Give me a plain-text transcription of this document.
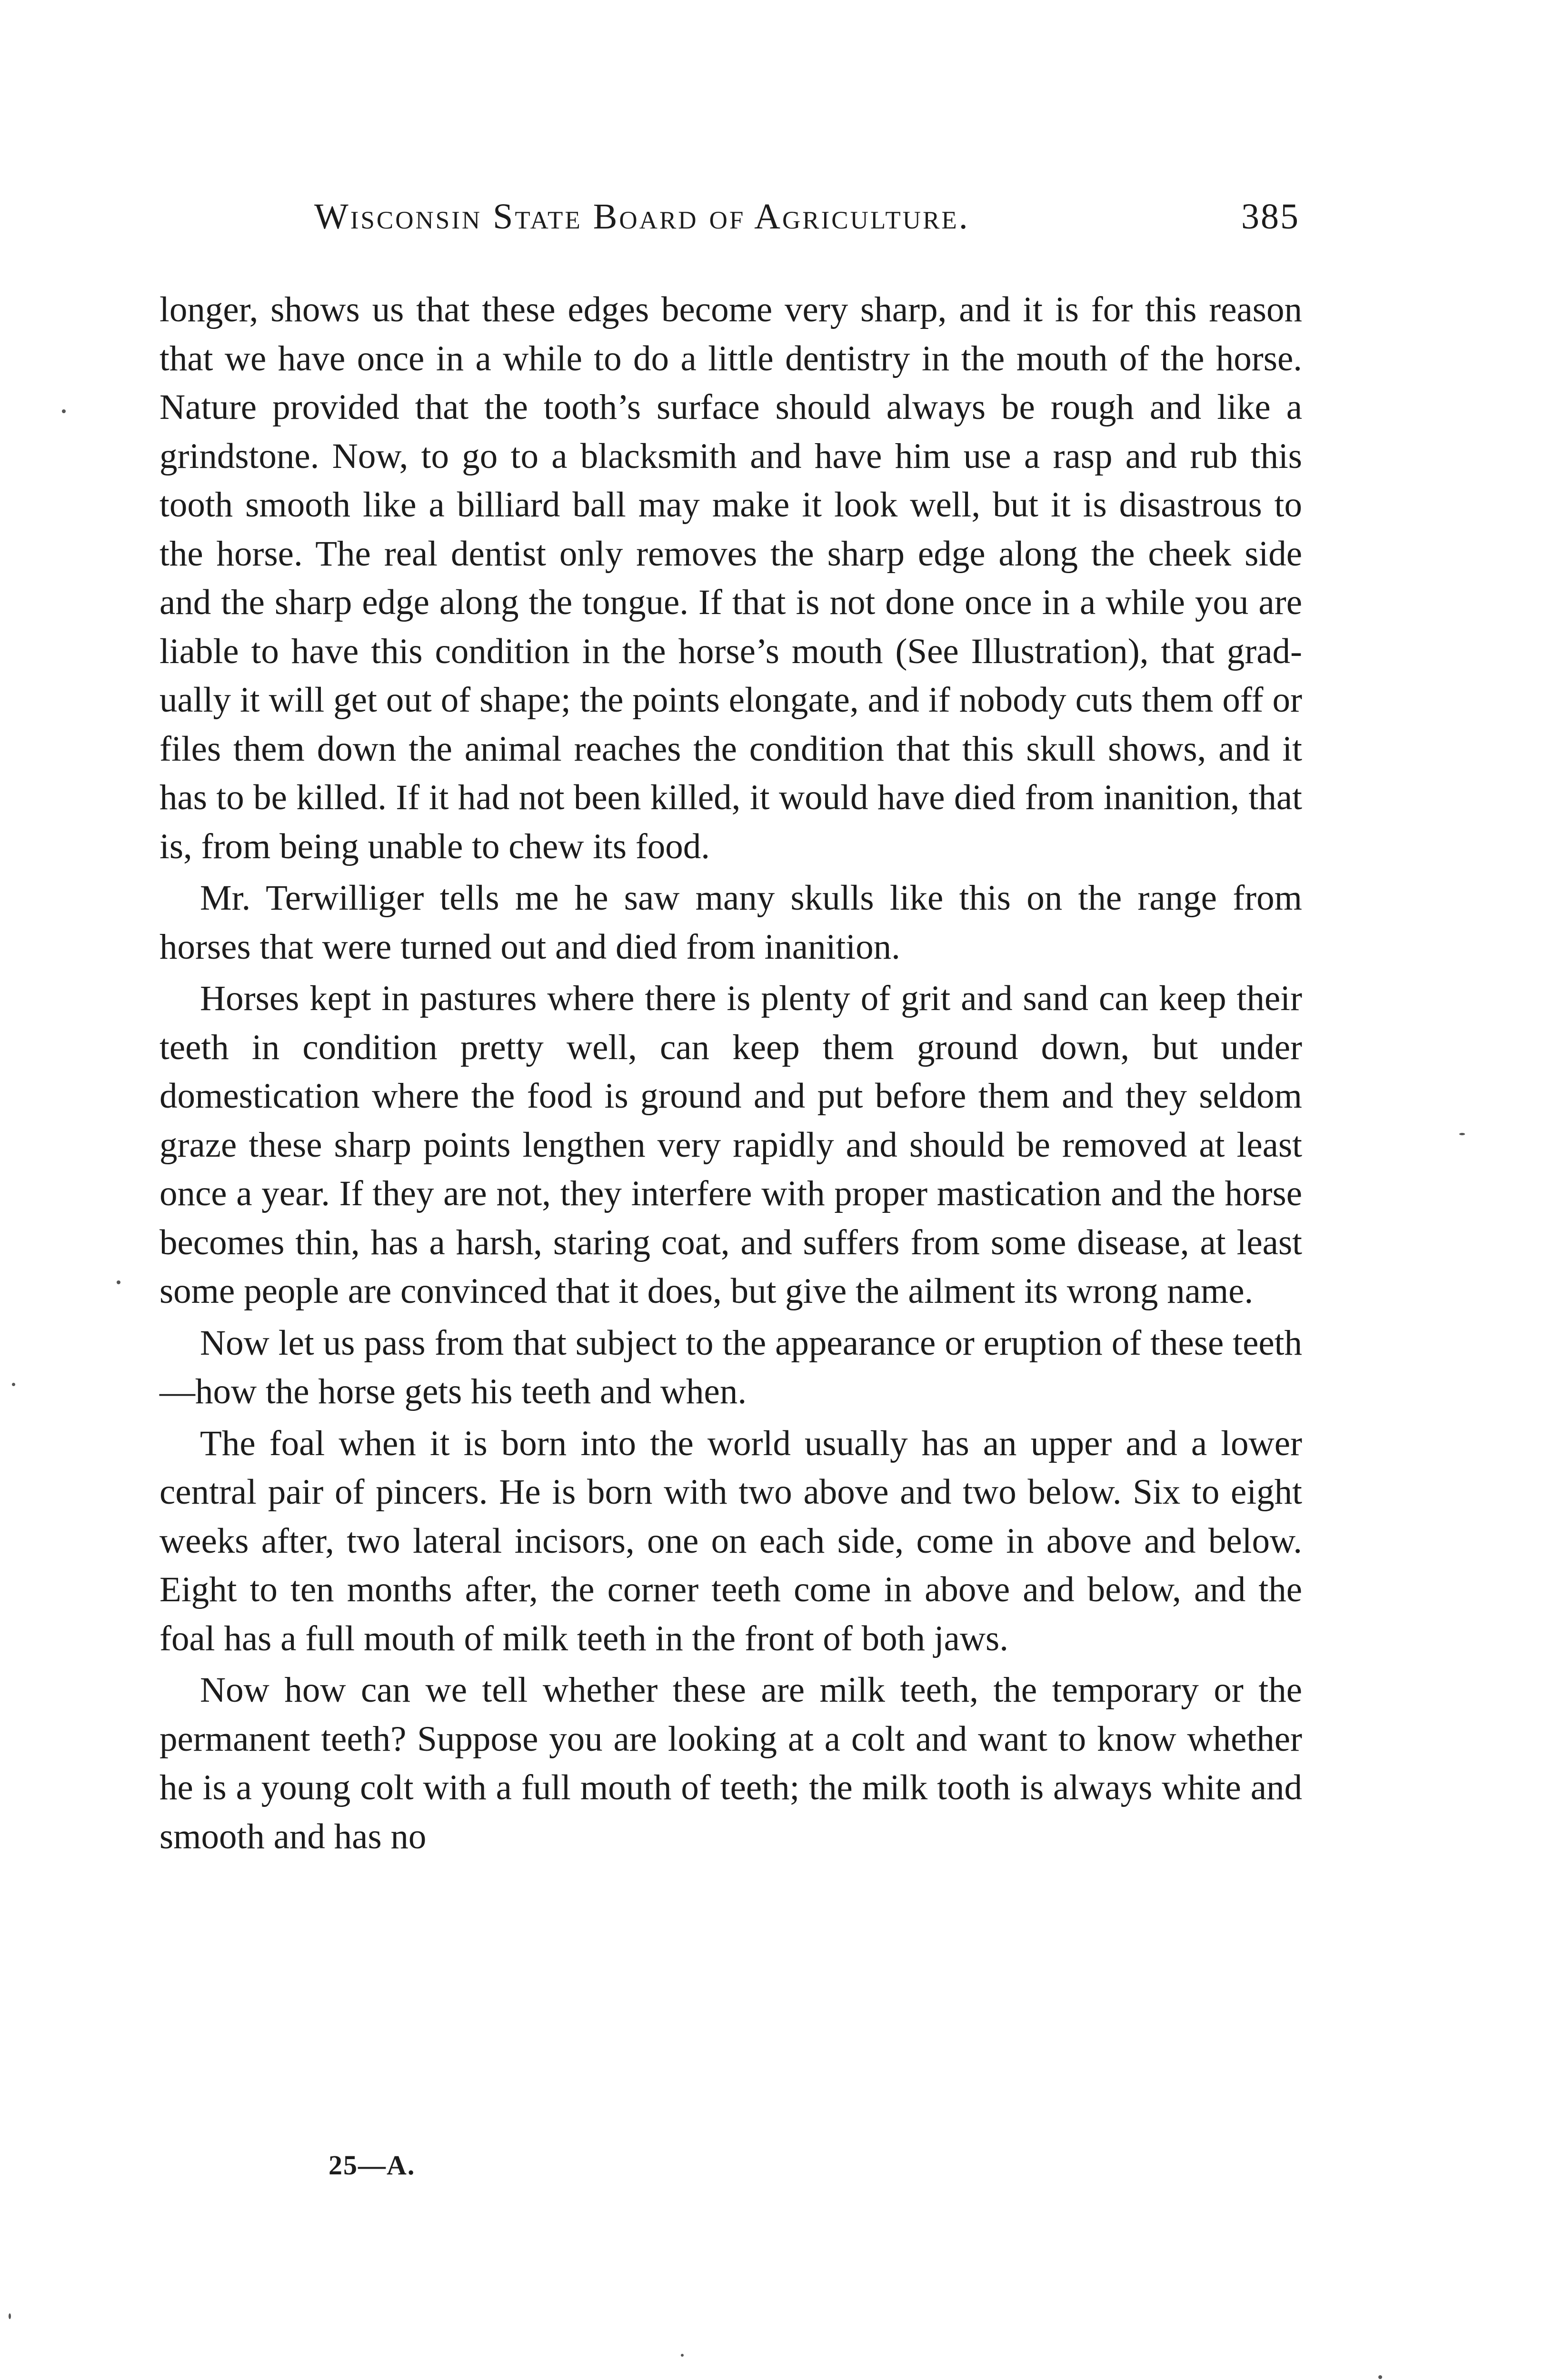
Wisconsin State Board of Agriculture.	385

longer, shows us that these edges become very sharp, and it is for this reason that we have once in a while to do a little dentistry in the mouth of the horse. Nature provided that the tooth’s surface should always be rough and like a grindstone. Now, to go to a blacksmith and have him use a rasp and rub this tooth smooth like a billiard ball may make it look well, but it is disastrous to the horse. The real dentist only removes the sharp edge along the cheek side and the sharp edge along the tongue. If that is not done once in a while you are liable to have this condition in the horse’s mouth (See Illustration), that gradually it will get out of shape; the points elongate, and if nobody cuts them off or files them down the animal reaches the condition that this skull shows, and it has to be killed. If it had not been killed, it would have died from inanition, that is, from being unable to chew its food.

Mr. Terwilliger tells me he saw many skulls like this on the range from horses that were turned out and died from inanition.

Horses kept in pastures where there is plenty of grit and sand can keep their teeth in condition pretty well, can keep them ground down, but under domestication where the food is ground and put before them and they seldom graze these sharp points lengthen very rapidly and should be removed at least once a year. If they are not, they interfere with proper mastication and the horse becomes thin, has a harsh, staring coat, and suffers from some disease, at least some people are convinced that it does, but give the ailment its wrong name.

Now let us pass from that subject to the appearance or eruption of these teeth—how the horse gets his teeth and when.

The foal when it is born into the world usually has an upper and a lower central pair of pincers. He is born with two above and two below. Six to eight weeks after, two lateral incisors, one on each side, come in above and below. Eight to ten months after, the corner teeth come in above and below, and the foal has a full mouth of milk teeth in the front of both jaws.

Now how can we tell whether these are milk teeth, the temporary or the permanent teeth? Suppose you are looking at a colt and want to know whether he is a young colt with a full mouth of teeth; the milk tooth is always white and smooth and has no

25—A.
